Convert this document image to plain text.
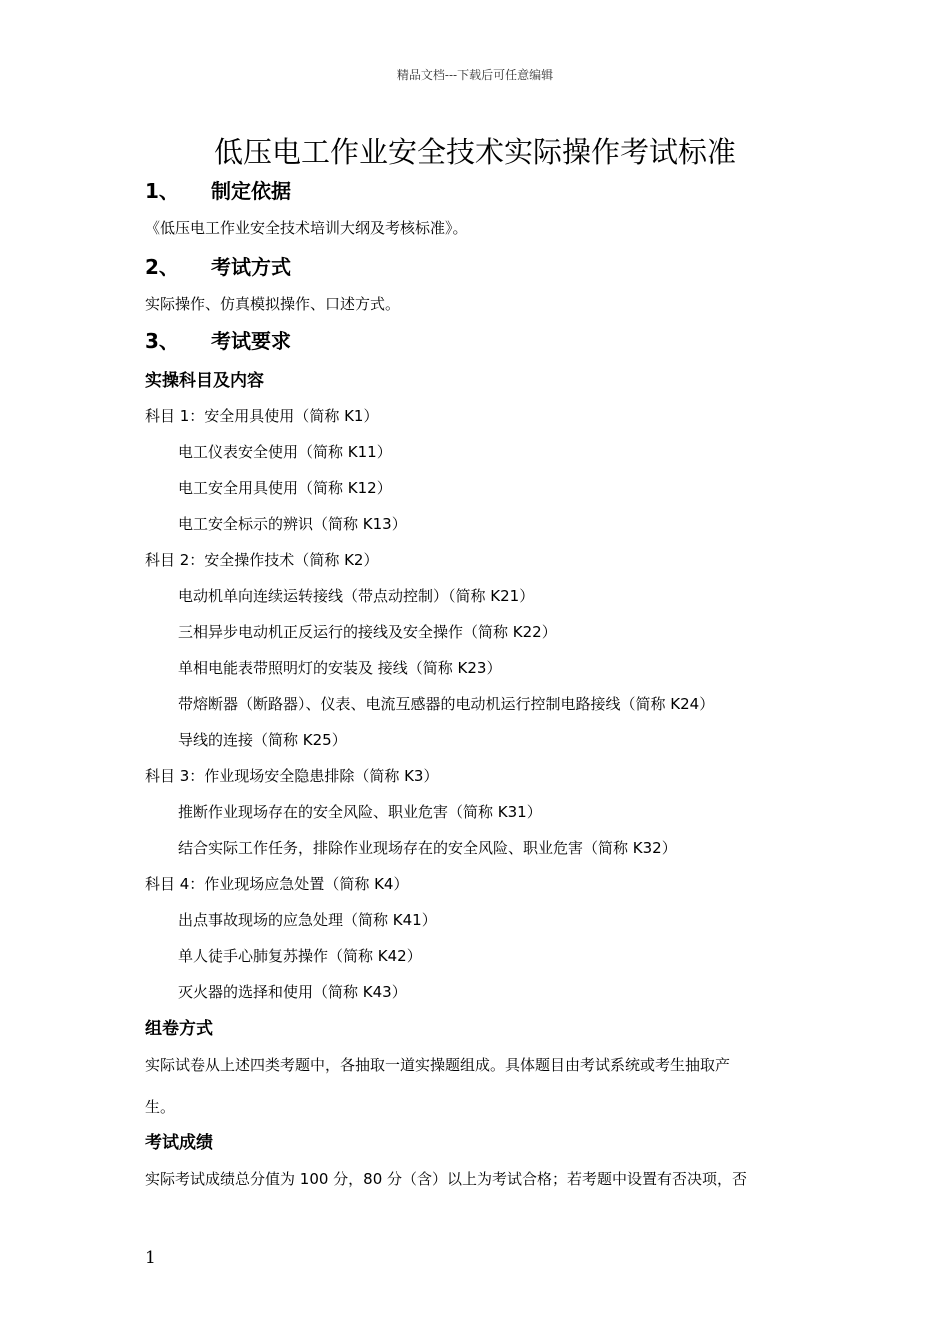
精品文档---下载后可任意编辑
低压电工作业安全技术实际操作考试标准
1、 制定依据
《低压电工作业安全技术培训大纲及考核标准》。
2、 考试方式
实际操作、仿真模拟操作、口述方式。
3、 考试要求
实操科目及内容
科目 1：安全用具使用（简称 K1）
电工仪表安全使用（简称 K11）
电工安全用具使用（简称 K12）
电工安全标示的辨识（简称 K13）
科目 2：安全操作技术（简称 K2）
电动机单向连续运转接线（带点动控制）（简称 K21）
三相异步电动机正反运行的接线及安全操作（简称 K22）
单相电能表带照明灯的安装及 接线（简称 K23）
带熔断器（断路器）、仪表、电流互感器的电动机运行控制电路接线（简称 K24）
导线的连接（简称 K25）
科目 3：作业现场安全隐患排除（简称 K3）
推断作业现场存在的安全风险、职业危害（简称 K31）
结合实际工作任务，排除作业现场存在的安全风险、职业危害（简称 K32）
科目 4：作业现场应急处置（简称 K4）
出点事故现场的应急处理（简称 K41）
单人徒手心肺复苏操作（简称 K42）
灭火器的选择和使用（简称 K43）
组卷方式
实际试卷从上述四类考题中，各抽取一道实操题组成。具体题目由考试系统或考生抽取产
生。
考试成绩
实际考试成绩总分值为 100 分，80 分（含）以上为考试合格；若考题中设置有否决项，否
1
